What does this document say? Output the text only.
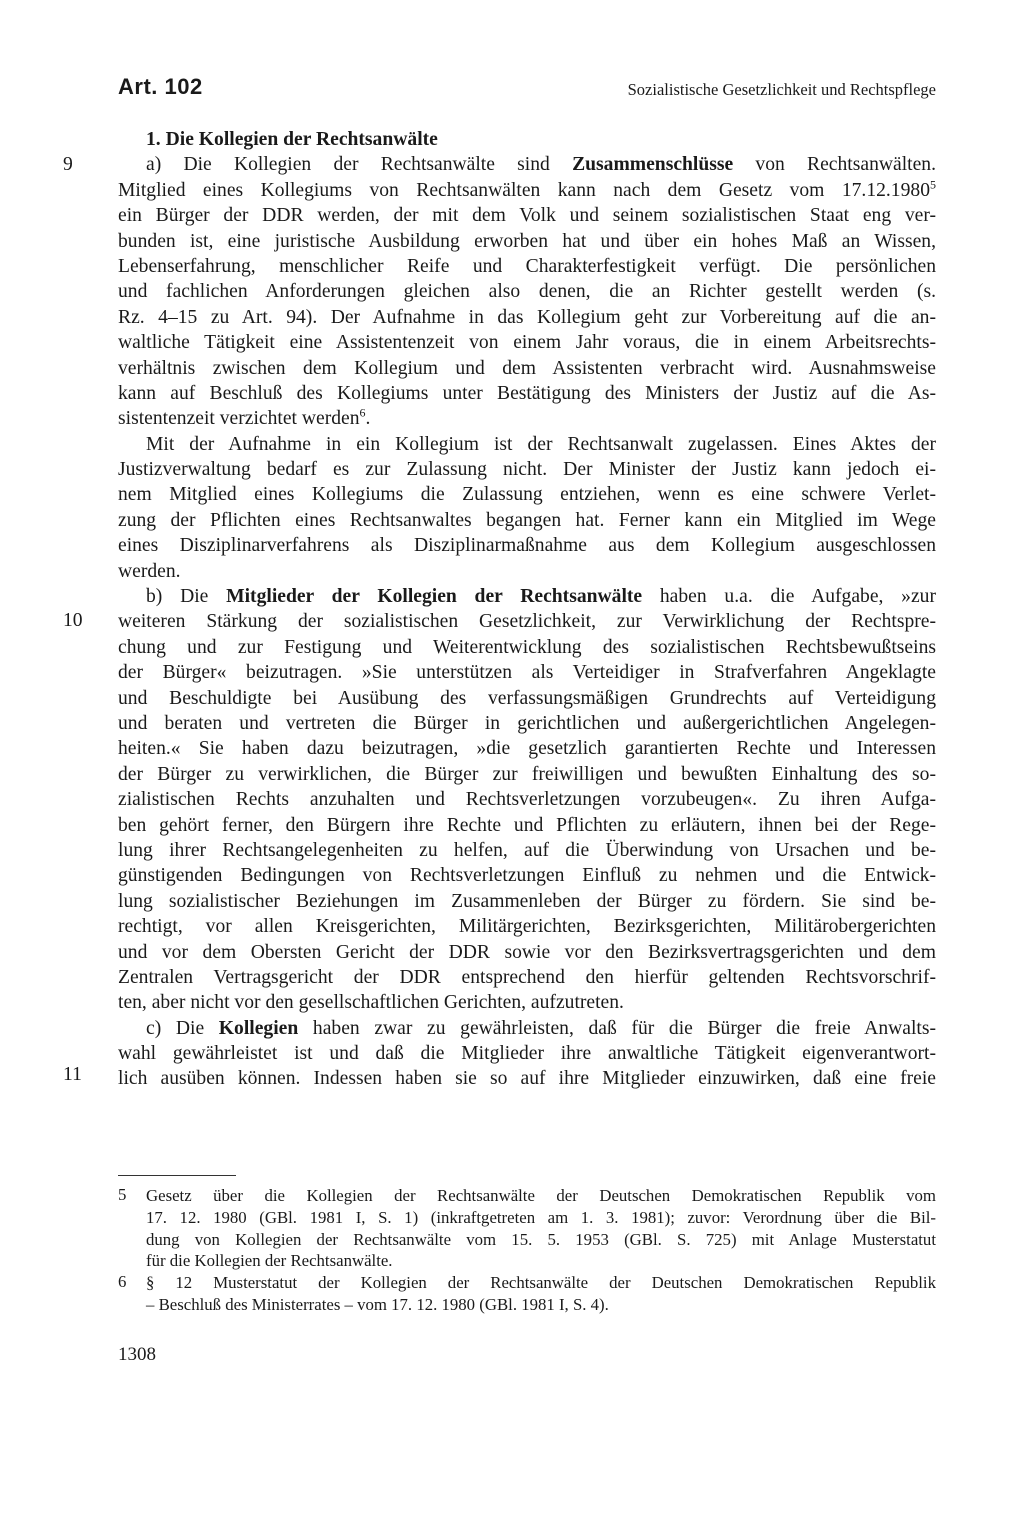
Art. 102	Sozialistische Gesetzlichkeit und Rechtspflege
9
10
11
1. Die Kollegien der Rechtsanwälte
a) Die Kollegien der Rechtsanwälte sind Zusammenschlüsse von Rechtsanwälten.
Mitglied eines Kollegiums von Rechtsanwälten kann nach dem Gesetz vom 17.12.1980$^5$
ein Bürger der DDR werden, der mit dem Volk und seinem sozialistischen Staat eng ver-
bunden ist, eine juristische Ausbildung erworben hat und über ein hohes Maß an Wissen,
Lebenserfahrung, menschlicher Reife und Charakterfestigkeit verfügt. Die persönlichen
und fachlichen Anforderungen gleichen also denen, die an Richter gestellt werden (s.
Rz. 4–15 zu Art. 94). Der Aufnahme in das Kollegium geht zur Vorbereitung auf die an-
waltliche Tätigkeit eine Assistentenzeit von einem Jahr voraus, die in einem Arbeitsrechts-
verhältnis zwischen dem Kollegium und dem Assistenten verbracht wird. Ausnahmsweise
kann auf Beschluß des Kollegiums unter Bestätigung des Ministers der Justiz auf die As-
sistentenzeit verzichtet werden$^6$.
Mit der Aufnahme in ein Kollegium ist der Rechtsanwalt zugelassen. Eines Aktes der
Justizverwaltung bedarf es zur Zulassung nicht. Der Minister der Justiz kann jedoch ei-
nem Mitglied eines Kollegiums die Zulassung entziehen, wenn es eine schwere Verlet-
zung der Pflichten eines Rechtsanwaltes begangen hat. Ferner kann ein Mitglied im Wege
eines Disziplinarverfahrens als Disziplinarmaßnahme aus dem Kollegium ausgeschlossen
werden.
b) Die Mitglieder der Kollegien der Rechtsanwälte haben u.a. die Aufgabe, »zur
weiteren Stärkung der sozialistischen Gesetzlichkeit, zur Verwirklichung der Rechtspre-
chung und zur Festigung und Weiterentwicklung des sozialistischen Rechtsbewußtseins
der Bürger« beizutragen. »Sie unterstützen als Verteidiger in Strafverfahren Angeklagte
und Beschuldigte bei Ausübung des verfassungsmäßigen Grundrechts auf Verteidigung
und beraten und vertreten die Bürger in gerichtlichen und außergerichtlichen Angelegen-
heiten.« Sie haben dazu beizutragen, »die gesetzlich garantierten Rechte und Interessen
der Bürger zu verwirklichen, die Bürger zur freiwilligen und bewußten Einhaltung des so-
zialistischen Rechts anzuhalten und Rechtsverletzungen vorzubeugen«. Zu ihren Aufga-
ben gehört ferner, den Bürgern ihre Rechte und Pflichten zu erläutern, ihnen bei der Rege-
lung ihrer Rechtsangelegenheiten zu helfen, auf die Überwindung von Ursachen und be-
günstigenden Bedingungen von Rechtsverletzungen Einfluß zu nehmen und die Entwick-
lung sozialistischer Beziehungen im Zusammenleben der Bürger zu fördern. Sie sind be-
rechtigt, vor allen Kreisgerichten, Militärgerichten, Bezirksgerichten, Militärobergerichten
und vor dem Obersten Gericht der DDR sowie vor den Bezirksvertragsgerichten und dem
Zentralen Vertragsgericht der DDR entsprechend den hierfür geltenden Rechtsvorschrif-
ten, aber nicht vor den gesellschaftlichen Gerichten, aufzutreten.
c) Die Kollegien haben zwar zu gewährleisten, daß für die Bürger die freie Anwalts-
wahl gewährleistet ist und daß die Mitglieder ihre anwaltliche Tätigkeit eigenverantwort-
lich ausüben können. Indessen haben sie so auf ihre Mitglieder einzuwirken, daß eine freie
5	Gesetz über die Kollegien der Rechtsanwälte der Deutschen Demokratischen Republik vom
17. 12. 1980 (GBl. 1981 I, S. 1) (inkraftgetreten am 1. 3. 1981); zuvor: Verordnung über die Bil-
dung von Kollegien der Rechtsanwälte vom 15. 5. 1953 (GBl. S. 725) mit Anlage Musterstatut
für die Kollegien der Rechtsanwälte.
6	§ 12 Musterstatut der Kollegien der Rechtsanwälte der Deutschen Demokratischen Republik
– Beschluß des Ministerrates – vom 17. 12. 1980 (GBl. 1981 I, S. 4).
1308
